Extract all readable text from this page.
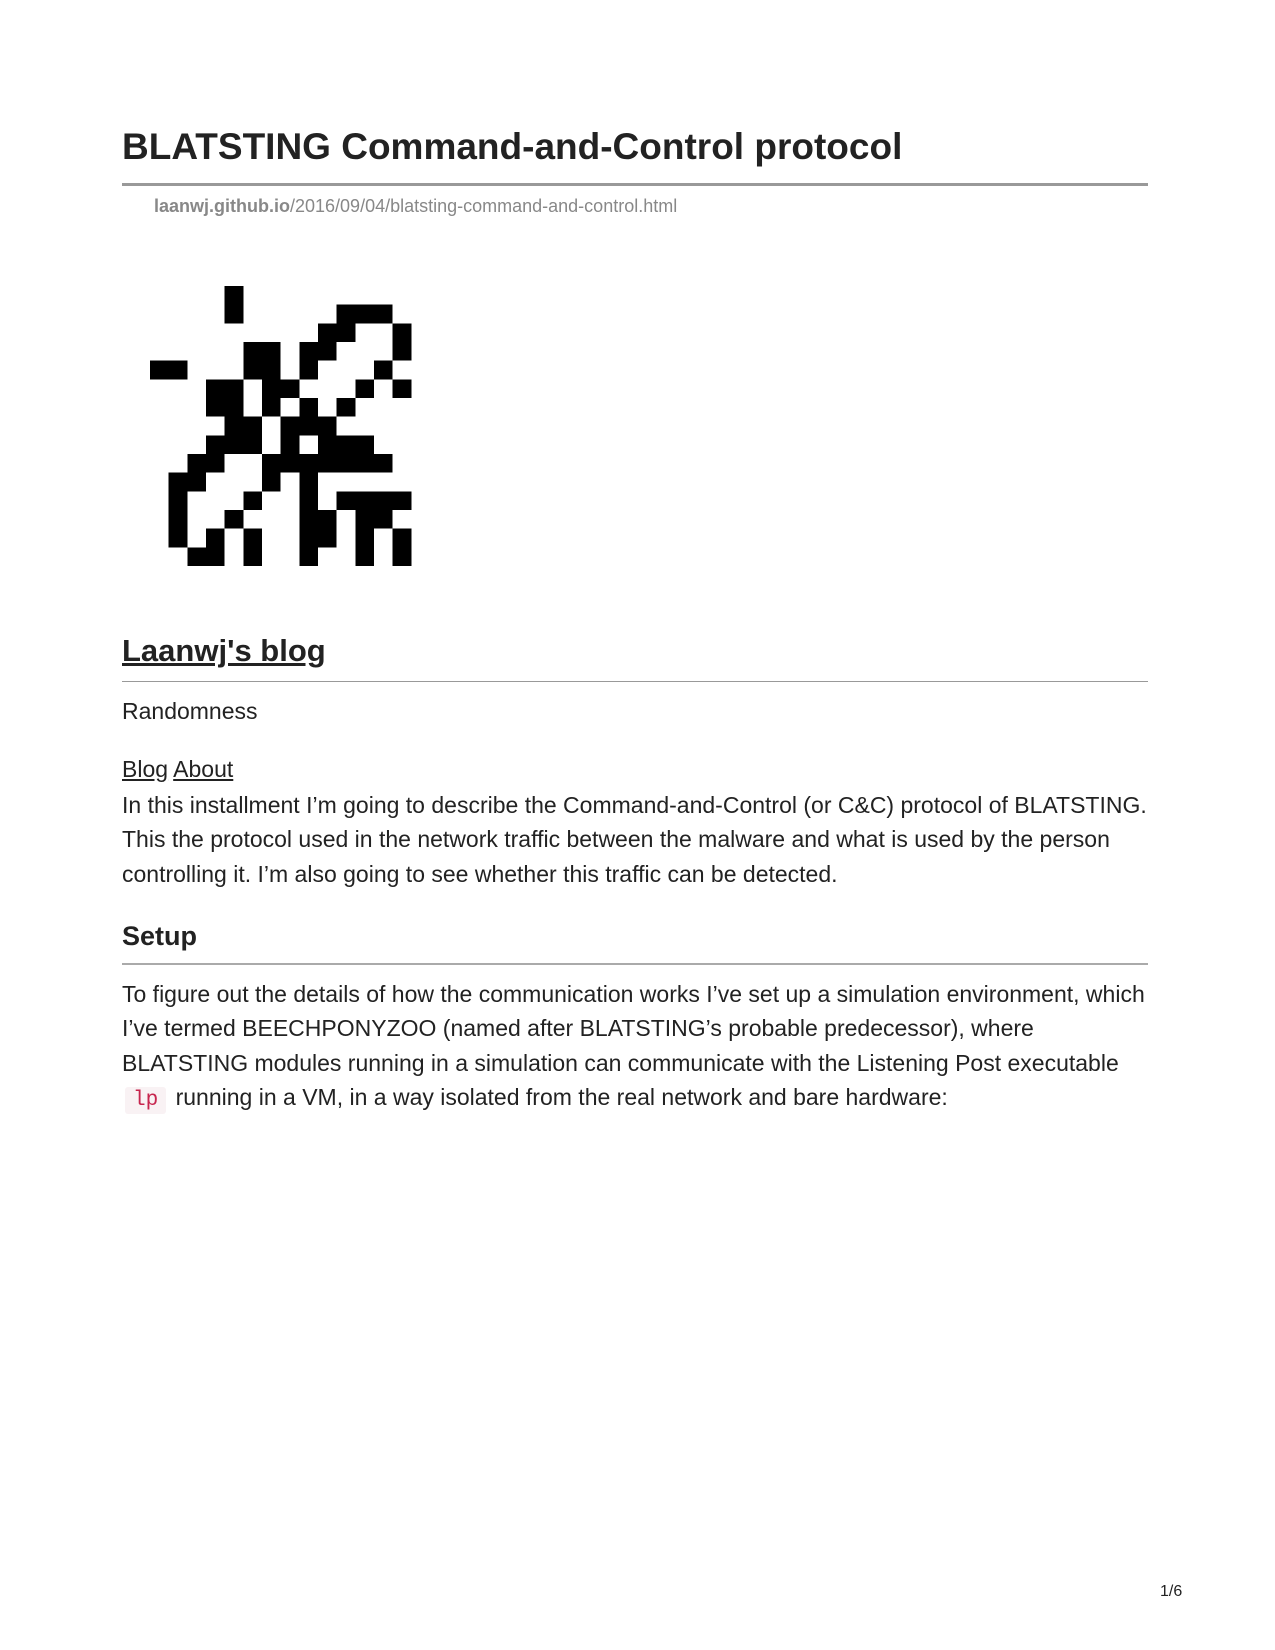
BLATSTING Command-and-Control protocol
laanwj.github.io/2016/09/04/blatsting-command-and-control.html
Laanwj's blog
Randomness
Blog About

In this installment I’m going to describe the Command-and-Control (or C&C) protocol of BLATSTING. This the protocol used in the network traffic between the malware and what is used by the person controlling it. I’m also going to see whether this traffic can be detected.

Setup

To figure out the details of how the communication works I’ve set up a simulation environment, which I’ve termed BEECHPONYZOO (named after BLATSTING’s probable predecessor), where BLATSTING modules running in a simulation can communicate with the Listening Post executable lp running in a VM, in a way isolated from the real network and bare hardware:

1/6
